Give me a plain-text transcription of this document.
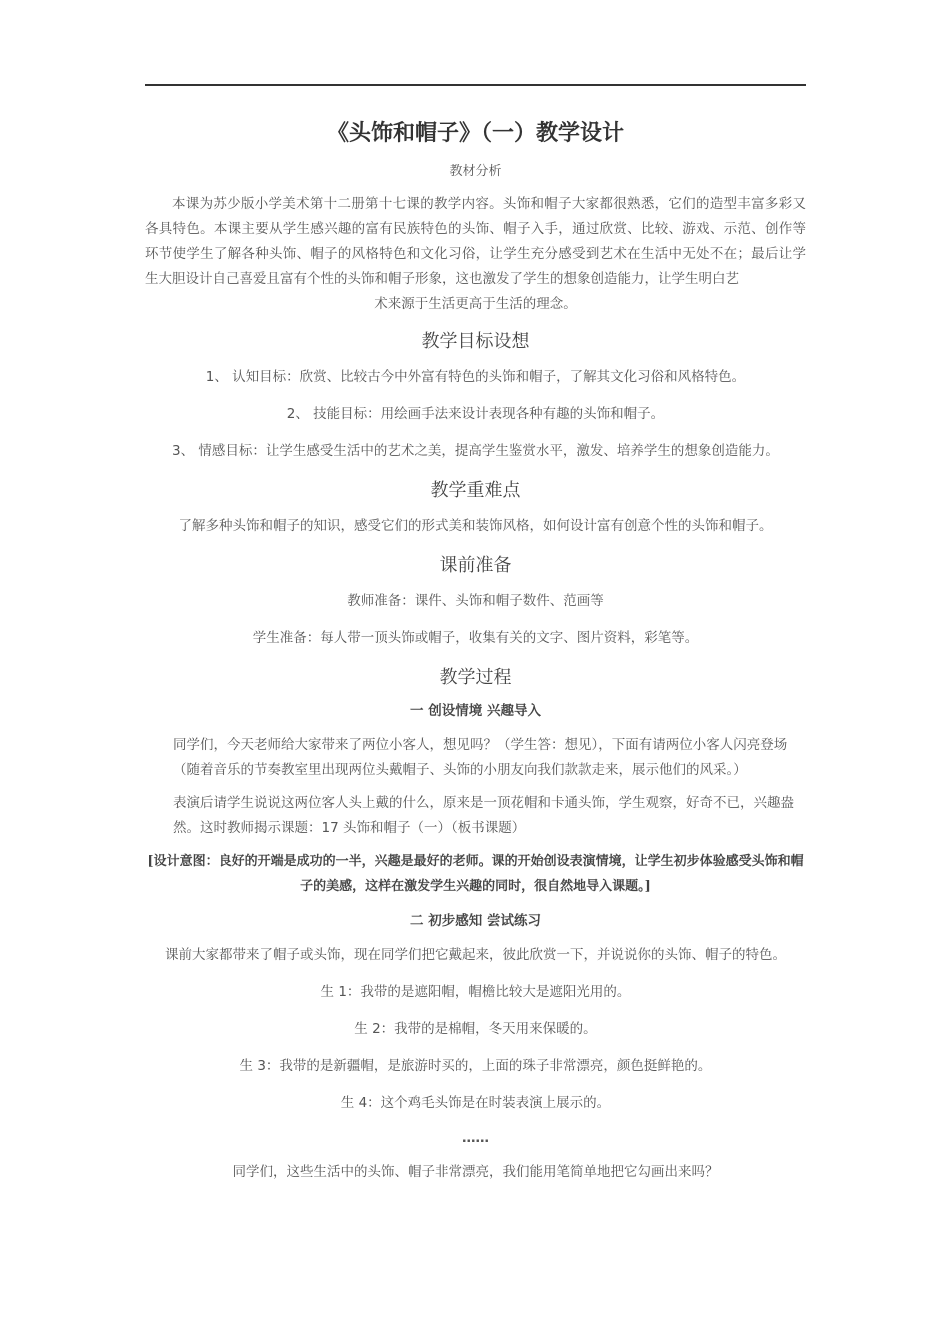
《头饰和帽子》（一）教学设计
教材分析
本课为苏少版小学美术第十二册第十七课的教学内容。头饰和帽子大家都很熟悉，它们的造型丰富多彩又各具特色。本课主要从学生感兴趣的富有民族特色的头饰、帽子入手，通过欣赏、比较、游戏、示范、创作等环节使学生了解各种头饰、帽子的风格特色和文化习俗，让学生充分感受到艺术在生活中无处不在；最后让学生大胆设计自己喜爱且富有个性的头饰和帽子形象，这也激发了学生的想象创造能力，让学生明白艺
术来源于生活更高于生活的理念。
教学目标设想
1、 认知目标：欣赏、比较古今中外富有特色的头饰和帽子，了解其文化习俗和风格特色。
2、 技能目标：用绘画手法来设计表现各种有趣的头饰和帽子。
3、 情感目标：让学生感受生活中的艺术之美，提高学生鉴赏水平，激发、培养学生的想象创造能力。
教学重难点
了解多种头饰和帽子的知识，感受它们的形式美和装饰风格，如何设计富有创意个性的头饰和帽子。
课前准备
教师准备：课件、头饰和帽子数件、范画等
学生准备：每人带一顶头饰或帽子，收集有关的文字、图片资料，彩笔等。
教学过程
一 创设情境 兴趣导入
同学们，今天老师给大家带来了两位小客人，想见吗？（学生答：想见），下面有请两位小客人闪亮登场（随着音乐的节奏教室里出现两位头戴帽子、头饰的小朋友向我们款款走来，展示他们的风采。）
表演后请学生说说这两位客人头上戴的什么，原来是一顶花帽和卡通头饰，学生观察，好奇不已，兴趣盎然。这时教师揭示课题：17 头饰和帽子（一）（板书课题）
[设计意图：良好的开端是成功的一半，兴趣是最好的老师。课的开始创设表演情境，让学生初步体验感受头饰和帽子的美感，这样在激发学生兴趣的同时，很自然地导入课题。]
二 初步感知 尝试练习
课前大家都带来了帽子或头饰，现在同学们把它戴起来，彼此欣赏一下，并说说你的头饰、帽子的特色。
生 1：我带的是遮阳帽，帽檐比较大是遮阳光用的。
生 2：我带的是棉帽，冬天用来保暖的。
生 3：我带的是新疆帽，是旅游时买的，上面的珠子非常漂亮，颜色挺鲜艳的。
生 4：这个鸡毛头饰是在时装表演上展示的。
……
同学们，这些生活中的头饰、帽子非常漂亮，我们能用笔简单地把它勾画出来吗？
